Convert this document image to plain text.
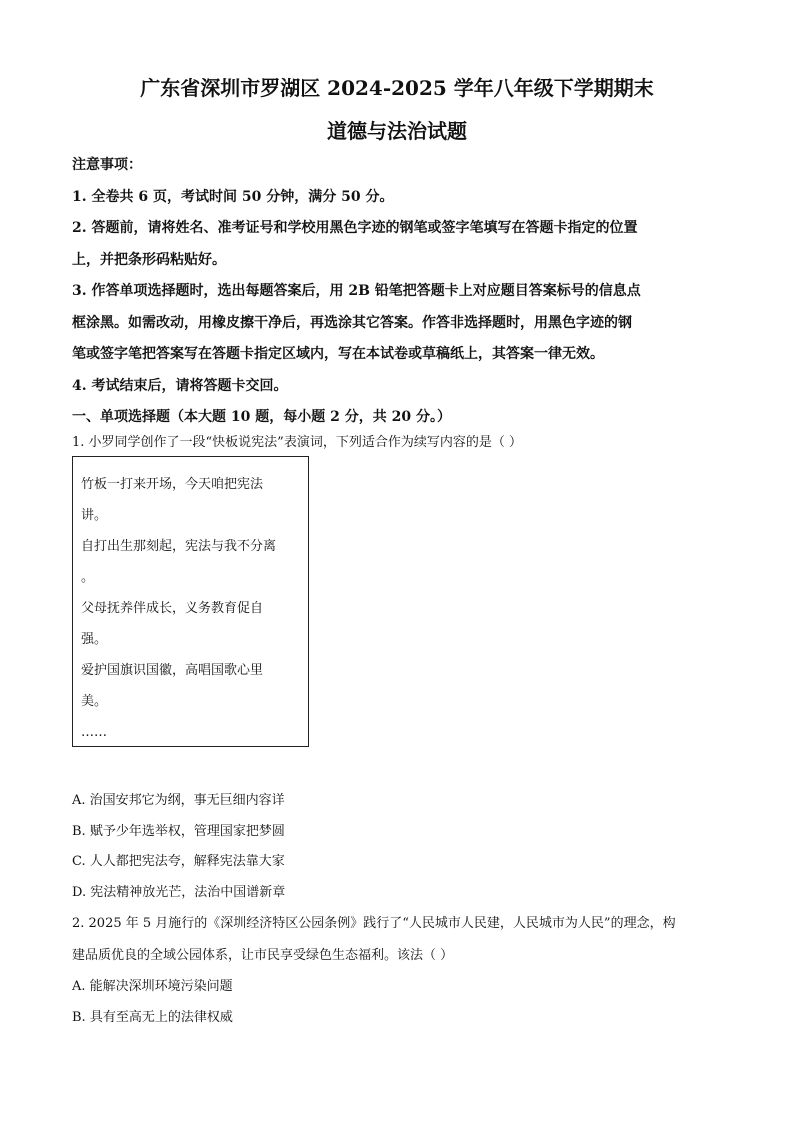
广东省深圳市罗湖区 2024-2025 学年八年级下学期期末
道德与法治试题
注意事项：
1. 全卷共 6 页，考试时间 50 分钟，满分 50 分。
2. 答题前，请将姓名、准考证号和学校用黑色字迹的钢笔或签字笔填写在答题卡指定的位置
上，并把条形码粘贴好。
3. 作答单项选择题时，选出每题答案后，用 2B 铅笔把答题卡上对应题目答案标号的信息点
框涂黑。如需改动，用橡皮擦干净后，再选涂其它答案。作答非选择题时，用黑色字迹的钢
笔或签字笔把答案写在答题卡指定区域内，写在本试卷或草稿纸上，其答案一律无效。
4. 考试结束后，请将答题卡交回。
一、单项选择题（本大题 10 题，每小题 2 分，共 20 分。）
1. 小罗同学创作了一段“快板说宪法”表演词，下列适合作为续写内容的是（ ）
竹板一打来开场，今天咱把宪法
讲。
自打出生那刻起，宪法与我不分离
。
父母抚养伴成长，义务教育促自
强。
爱护国旗识国徽，高唱国歌心里
美。
……
A. 治国安邦它为纲，事无巨细内容详
B. 赋予少年选举权，管理国家把梦圆
C. 人人都把宪法夸，解释宪法靠大家
D. 宪法精神放光芒，法治中国谱新章
2. 2025 年 5 月施行的《深圳经济特区公园条例》践行了“人民城市人民建，人民城市为人民”的理念，构
建品质优良的全域公园体系，让市民享受绿色生态福利。该法（ ）
A. 能解决深圳环境污染问题
B. 具有至高无上的法律权威
